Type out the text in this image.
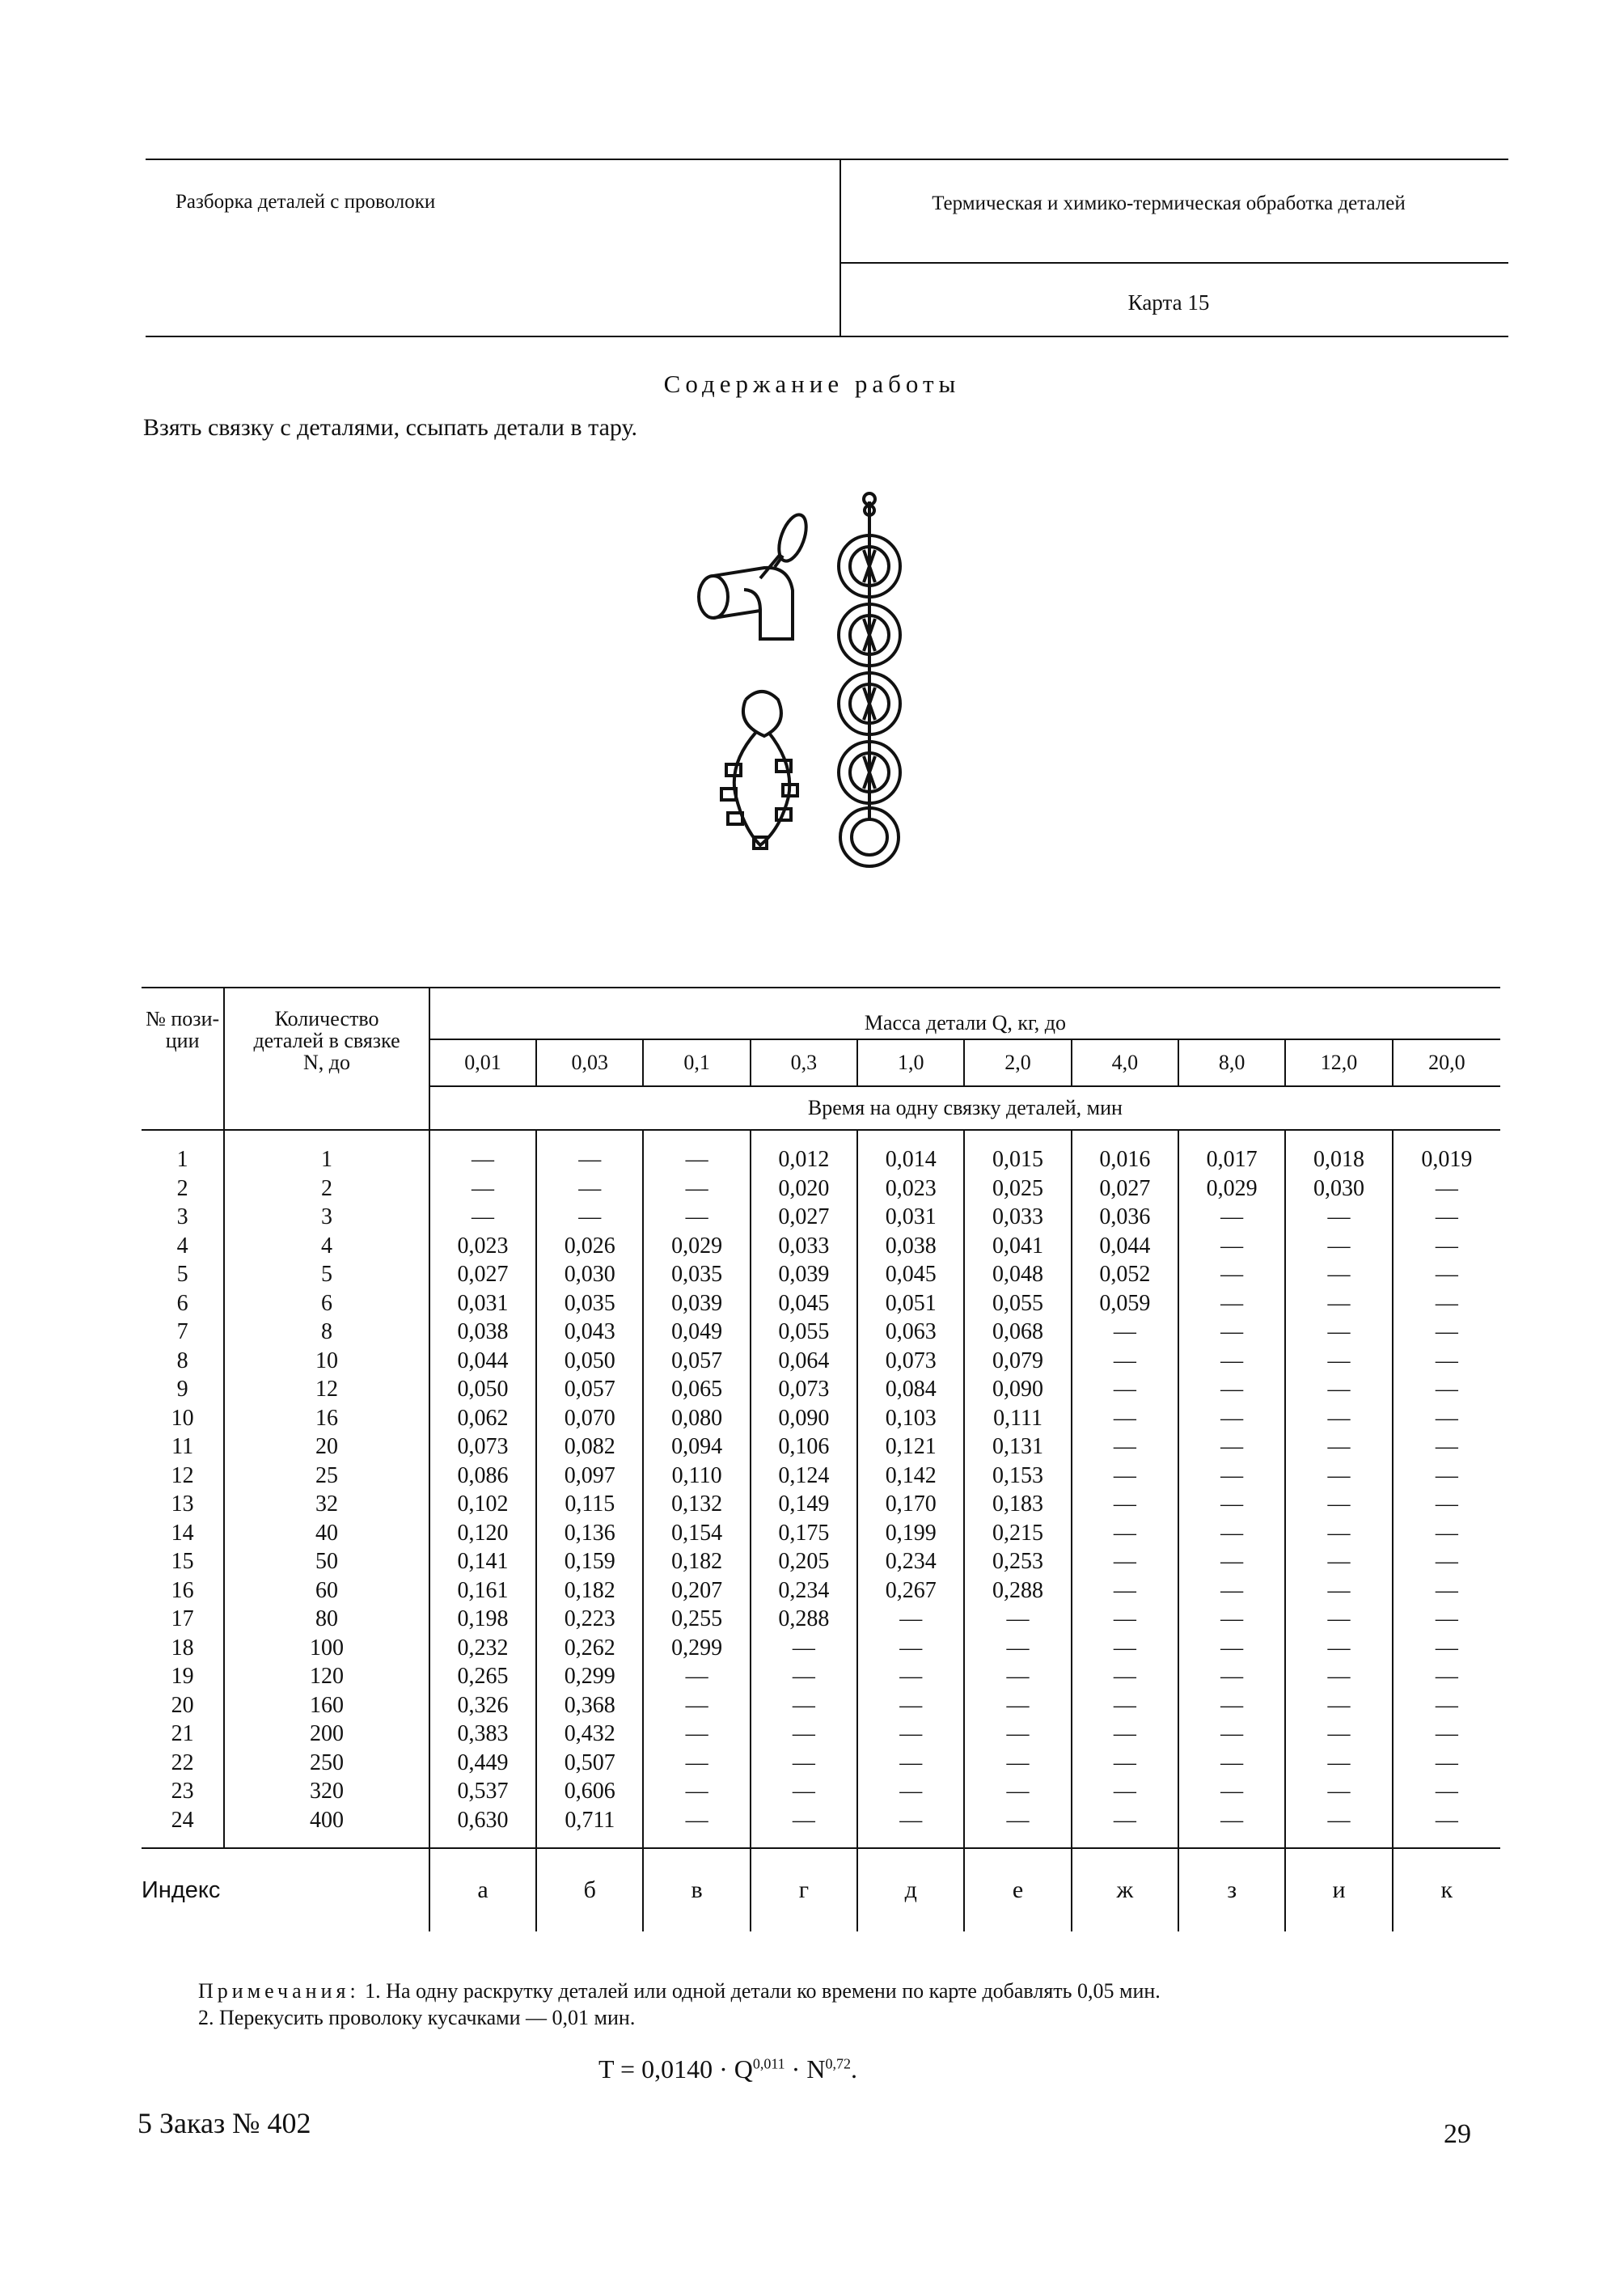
Разборка деталей с проволоки	Термическая и химико-термическая обработка деталей
Карта 15
Содержание работы
Взять связку с деталями, ссыпать детали в тару.
№ пози- ции	Количество деталей в связке N, до	Масса детали Q, кг, до									
		0,01	0,03	0,1	0,3	1,0	2,0	4,0	8,0	12,0	20,0
		Время на одну связку деталей, мин									
1	1	—	—	—	0,012	0,014	0,015	0,016	0,017	0,018	0,019
2	2	—	—	—	0,020	0,023	0,025	0,027	0,029	0,030	—
3	3	—	—	—	0,027	0,031	0,033	0,036	—	—	—
4	4	0,023	0,026	0,029	0,033	0,038	0,041	0,044	—	—	—
5	5	0,027	0,030	0,035	0,039	0,045	0,048	0,052	—	—	—
6	6	0,031	0,035	0,039	0,045	0,051	0,055	0,059	—	—	—
7	8	0,038	0,043	0,049	0,055	0,063	0,068	—	—	—	—
8	10	0,044	0,050	0,057	0,064	0,073	0,079	—	—	—	—
9	12	0,050	0,057	0,065	0,073	0,084	0,090	—	—	—	—
10	16	0,062	0,070	0,080	0,090	0,103	0,111	—	—	—	—
11	20	0,073	0,082	0,094	0,106	0,121	0,131	—	—	—	—
12	25	0,086	0,097	0,110	0,124	0,142	0,153	—	—	—	—
13	32	0,102	0,115	0,132	0,149	0,170	0,183	—	—	—	—
14	40	0,120	0,136	0,154	0,175	0,199	0,215	—	—	—	—
15	50	0,141	0,159	0,182	0,205	0,234	0,253	—	—	—	—
16	60	0,161	0,182	0,207	0,234	0,267	0,288	—	—	—	—
17	80	0,198	0,223	0,255	0,288	—	—	—	—	—	—
18	100	0,232	0,262	0,299	—	—	—	—	—	—	—
19	120	0,265	0,299	—	—	—	—	—	—	—	—
20	160	0,326	0,368	—	—	—	—	—	—	—	—
21	200	0,383	0,432	—	—	—	—	—	—	—	—
22	250	0,449	0,507	—	—	—	—	—	—	—	—
23	320	0,537	0,606	—	—	—	—	—	—	—	—
24	400	0,630	0,711	—	—	—	—	—	—	—	—
Индекс		а	б	в	г	д	е	ж	з	и	к
Примечания: 1. На одну раскрутку деталей или одной детали ко времени по карте добавлять 0,05 мин.
2. Перекусить проволоку кусачками — 0,01 мин.
T = 0,0140 · Q$^{0,011}$ · N$^{0,72}$.
5 Заказ № 402	29
